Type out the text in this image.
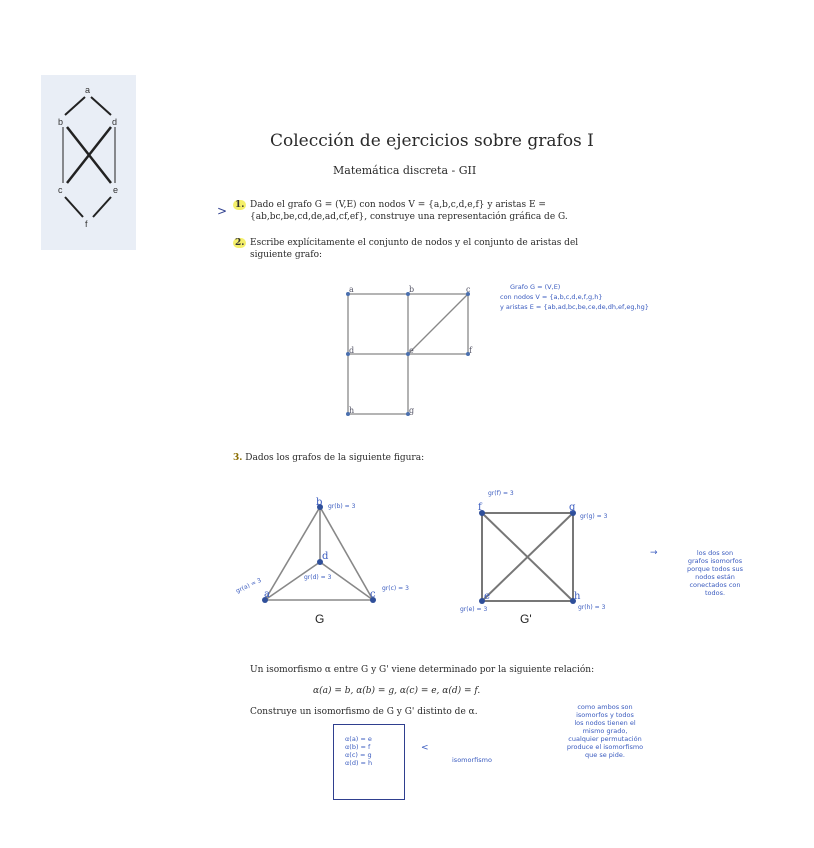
a
b	d
c	e
f
Colección de ejercicios sobre grafos I
Matemática discreta - GII
> 1. Dado el grafo G = (V,E) con nodos V = {a,b,c,d,e,f} y aristas E =
{ab,bc,be,cd,de,ad,cf,ef}, construye una representación gráfica de G.
2. Escribe explícitamente el conjunto de nodos y el conjunto de aristas del
siguiente grafo:
a	b	c
d	e	f
h	g
Grafo G = (V,E)
con nodos V = {a,b,c,d,e,f,g,h}
y aristas E = {ab,ad,bc,be,ce,de,dh,ef,eg,hg}
3. Dados los grafos de la siguiente figura:
b
d
a	c
gr(b) = 3
gr(a) = 3	gr(d) = 3
gr(c) = 3
G
f	g
e	h
gr(f) = 3
gr(g) = 3
gr(e) = 3	gr(h) = 3
G'
→	los dos son
grafos isomorfos
porque todos sus
nodos están
conectados con
todos.
Un isomorfismo α entre G y G' viene determinado por la siguiente relación:
α(a) = b, α(b) = g, α(c) = e, α(d) = f.
Construye un isomorfismo de G y G' distinto de α.
α(a) = e
α(b) = f
α(c) = g
α(d) = h
<
isomorfismo
como ambos son
isomorfos y todos
los nodos tienen el
mismo grado,
cualquier permutación
produce el isomorfismo
que se pide.
